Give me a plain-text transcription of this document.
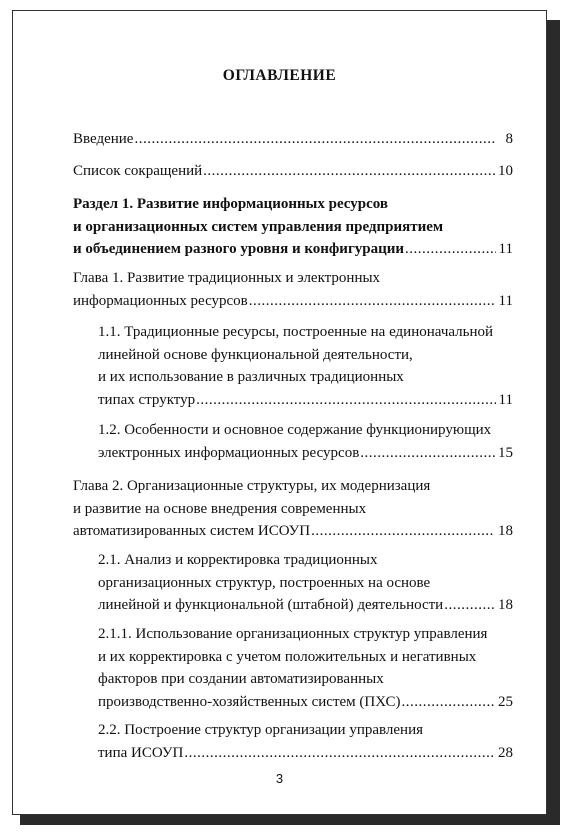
ОГЛАВЛЕНИЕ
Введение .....	8
Список сокращений .....	10
Раздел 1. Развитие информационных ресурсов
и организационных систем управления предприятием
и объединением разного уровня и конфигурации .....	11
Глава 1. Развитие традиционных и электронных
информационных ресурсов .....	11
1.1. Традиционные ресурсы, построенные на единоначальной
линейной основе функциональной деятельности,
и их использование в различных традиционных
типах структур .....	11
1.2. Особенности и основное содержание функционирующих
электронных информационных ресурсов .....	15
Глава 2. Организационные структуры, их модернизация
и развитие на основе внедрения современных
автоматизированных систем ИСОУП .....	18
2.1. Анализ и корректировка традиционных
организационных структур, построенных на основе
линейной и функциональной (штабной) деятельности .....	18
2.1.1. Использование организационных структур управления
и их корректировка с учетом положительных и негативных
факторов при создании автоматизированных
производственно-хозяйственных систем (ПХС) .....	25
2.2. Построение структур организации управления
типа ИСОУП .....	28
3
